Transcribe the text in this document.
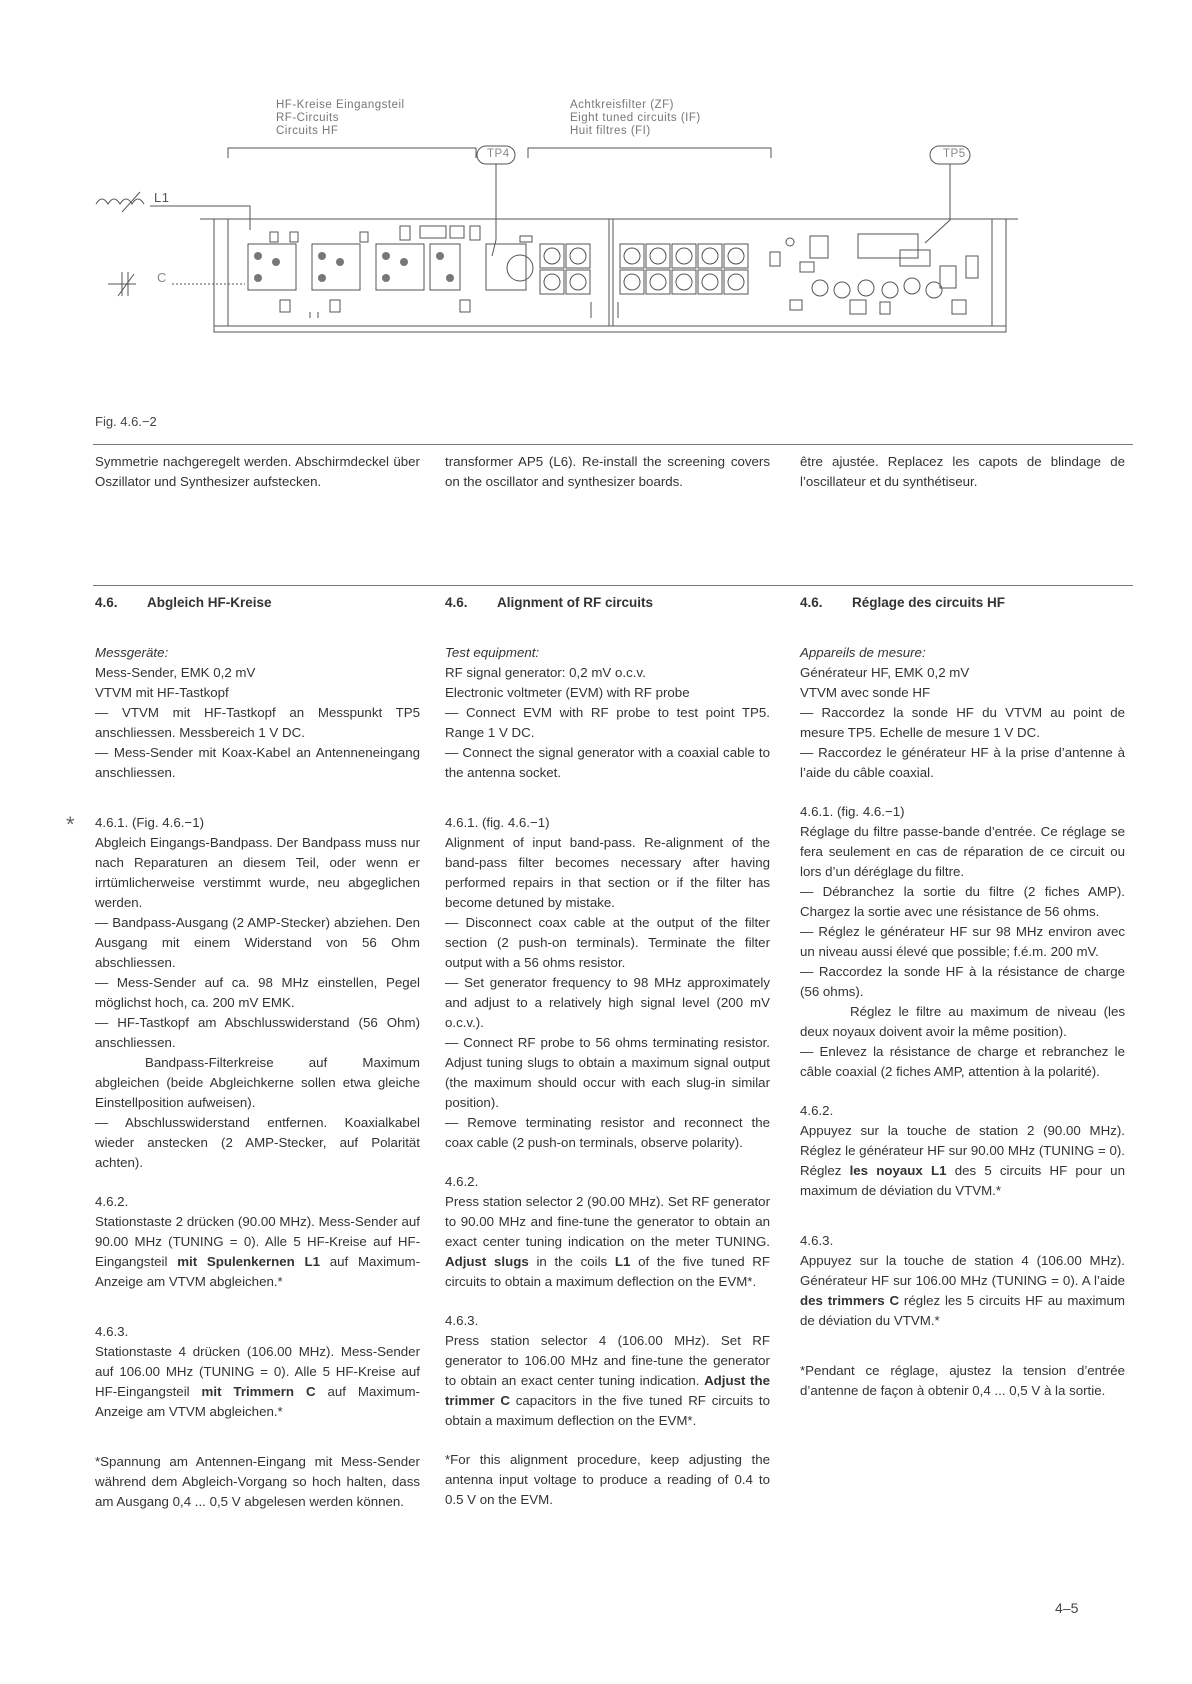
HF-Kreise Eingangsteil
RF-Circuits
Circuits HF
Achtkreisfilter (ZF)
Eight tuned circuits (IF)
Huit filtres (FI)
TP4	TP5
L1
C
Fig. 4.6.−2
Symmetrie nachgeregelt werden. Abschirmdeckel über Oszillator und Synthesizer aufstecken.
transformer AP5 (L6). Re-install the screening covers on the oscillator and synthesizer boards.
être ajustée. Replacez les capots de blindage de l’oscillateur et du synthétiseur.
*

4.6. Abgleich HF-Kreise

Messgeräte:

Mess-Sender, EMK 0,2 mV

VTVM mit HF-Tastkopf

— VTVM mit HF-Tastkopf an Messpunkt TP5 anschliessen. Messbereich 1 V DC.

— Mess-Sender mit Koax-Kabel an Antenneneingang anschliessen.

4.6.1. (Fig. 4.6.−1)

Abgleich Eingangs-Bandpass. Der Bandpass muss nur nach Reparaturen an diesem Teil, oder wenn er irrtümlicherweise verstimmt wurde, neu abgeglichen werden.

— Bandpass-Ausgang (2 AMP-Stecker) abziehen. Den Ausgang mit einem Widerstand von 56 Ohm abschliessen.

— Mess-Sender auf ca. 98 MHz einstellen, Pegel möglichst hoch, ca. 200 mV EMK.

— HF-Tastkopf am Abschlusswiderstand (56 Ohm) anschliessen.

Bandpass-Filterkreise auf Maximum abgleichen (beide Abgleichkerne sollen etwa gleiche Einstellposition aufweisen).

— Abschlusswiderstand entfernen. Koaxialkabel wieder anstecken (2 AMP-Stecker, auf Polarität achten).

4.6.2.

Stationstaste 2 drücken (90.00 MHz). Mess-Sender auf 90.00 MHz (TUNING = 0). Alle 5 HF-Kreise auf HF-Eingangsteil mit Spulenkernen L1 auf Maximum-Anzeige am VTVM abgleichen.*

4.6.3.

Stationstaste 4 drücken (106.00 MHz). Mess-Sender auf 106.00 MHz (TUNING = 0). Alle 5 HF-Kreise auf HF-Eingangsteil mit Trimmern C auf Maximum-Anzeige am VTVM abgleichen.*

*Spannung am Antennen-Eingang mit Mess-Sender während dem Abgleich-Vorgang so hoch halten, dass am Ausgang 0,4 ... 0,5 V abgelesen werden können.

4.6. Alignment of RF circuits

Test equipment:

RF signal generator: 0,2 mV o.c.v.

Electronic voltmeter (EVM) with RF probe

— Connect EVM with RF probe to test point TP5. Range 1 V DC.

— Connect the signal generator with a coaxial cable to the antenna socket.

4.6.1. (fig. 4.6.−1)

Alignment of input band-pass. Re-alignment of the band-pass filter becomes necessary after having performed repairs in that section or if the filter has become detuned by mistake.

— Disconnect coax cable at the output of the filter section (2 push-on terminals). Terminate the filter output with a 56 ohms resistor.

— Set generator frequency to 98 MHz approximately and adjust to a relatively high signal level (200 mV o.c.v.).

— Connect RF probe to 56 ohms terminating resistor. Adjust tuning slugs to obtain a maximum signal output (the maximum should occur with each slug-in similar position).

— Remove terminating resistor and reconnect the coax cable (2 push-on terminals, observe polarity).

4.6.2.

Press station selector 2 (90.00 MHz). Set RF generator to 90.00 MHz and fine-tune the generator to obtain an exact center tuning indication on the meter TUNING. Adjust slugs in the coils L1 of the five tuned RF circuits to obtain a maximum deflection on the EVM*.

4.6.3.

Press station selector 4 (106.00 MHz). Set RF generator to 106.00 MHz and fine-tune the generator to obtain an exact center tuning indication. Adjust the trimmer C capacitors in the five tuned RF circuits to obtain a maximum deflection on the EVM*.

*For this alignment procedure, keep adjusting the antenna input voltage to produce a reading of 0.4 to 0.5 V on the EVM.

4.6. Réglage des circuits HF

Appareils de mesure:

Générateur HF, EMK 0,2 mV

VTVM avec sonde HF

— Raccordez la sonde HF du VTVM au point de mesure TP5. Echelle de mesure 1 V DC.

— Raccordez le générateur HF à la prise d’antenne à l’aide du câble coaxial.

4.6.1. (fig. 4.6.−1)

Réglage du filtre passe-bande d’entrée. Ce réglage se fera seulement en cas de réparation de ce circuit ou lors d’un déréglage du filtre.

— Débranchez la sortie du filtre (2 fiches AMP). Chargez la sortie avec une résistance de 56 ohms.

— Réglez le générateur HF sur 98 MHz environ avec un niveau aussi élevé que possible; f.é.m. 200 mV.

— Raccordez la sonde HF à la résistance de charge (56 ohms).

Réglez le filtre au maximum de niveau (les deux noyaux doivent avoir la même position).

— Enlevez la résistance de charge et rebranchez le câble coaxial (2 fiches AMP, attention à la polarité).

4.6.2.

Appuyez sur la touche de station 2 (90.00 MHz). Réglez le générateur HF sur 90.00 MHz (TUNING = 0). Réglez les noyaux L1 des 5 circuits HF pour un maximum de déviation du VTVM.*

4.6.3.

Appuyez sur la touche de station 4 (106.00 MHz). Générateur HF sur 106.00 MHz (TUNING = 0). A l’aide des trimmers C réglez les 5 circuits HF au maximum de déviation du VTVM.*

*Pendant ce réglage, ajustez la tension d’entrée d’antenne de façon à obtenir 0,4 ... 0,5 V à la sortie.

4–5
